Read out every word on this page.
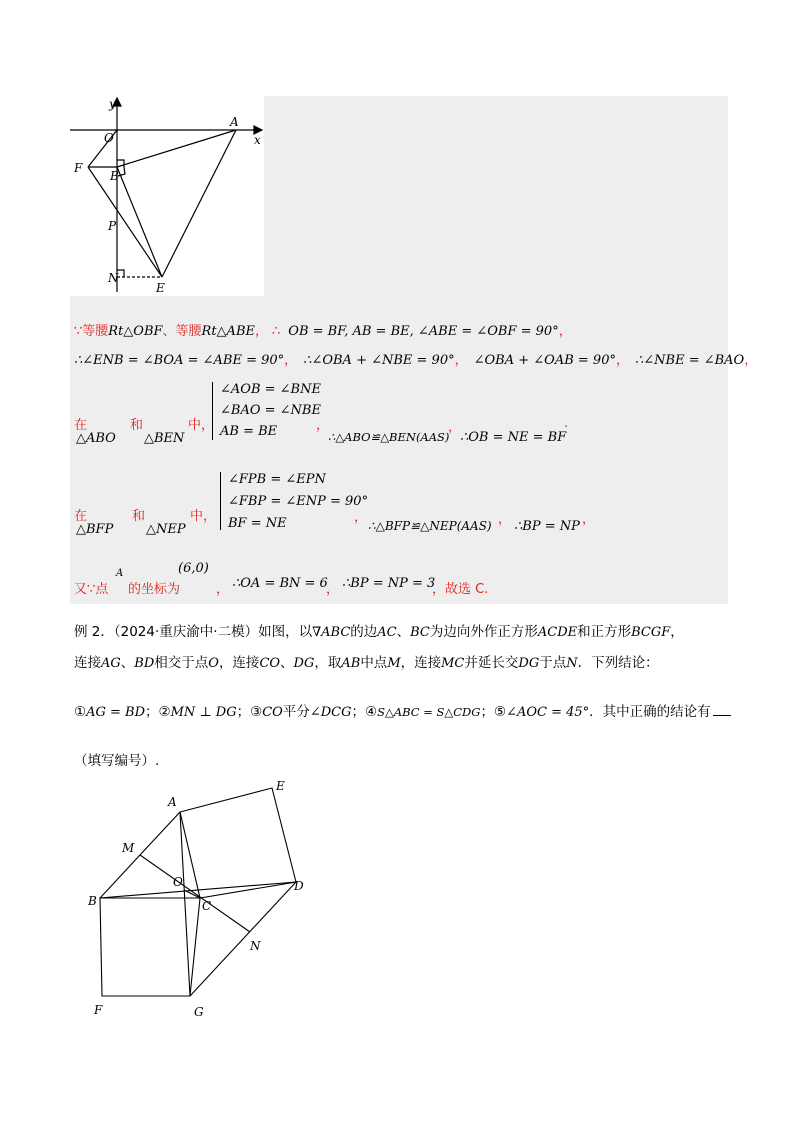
y
x
O
A
F
B
P
N
E
∵等腰Rt△OBF、等腰Rt△ABE， ∴ OB = BF, AB = BE, ∠ABE = ∠OBF = 90°，
∴∠ENB = ∠BOA = ∠ABE = 90°， ∴∠OBA + ∠NBE = 90°， ∠OBA + ∠OAB = 90°， ∴∠NBE = ∠BAO，
在
△ABO
和
△BEN
中，
∠AOB = ∠BNE
∠BAO = ∠NBE
AB = BE	，
∴△ABO≌△BEN(AAS)
，
∴OB = NE = BF
.
在
△BFP
和
△NEP
中，
∠FPB = ∠EPN
∠FBP = ∠ENP = 90°
BF = NE	，
∴△BFP≌△NEP(AAS) ， ∴BP = NP ，
又∵点
A
的坐标为
(6,0)
， ∴OA = BN = 6
， ∴BP = NP = 3
，故选 C.
例 2．（2024·重庆渝中·二模）如图，以∇ABC的边AC、BC为边向外作正方形ACDE和正方形BCGF，
连接AG、BD相交于点O，连接CO、DG，取AB中点M，连接MC并延长交DG于点N．下列结论：
①AG = BD；②MN ⊥ DG；③CO平分∠DCG；④S△ABC = S△CDG；⑤∠AOC = 45°．其中正确的结论有
（填写编号）.
A
E
M
O
C
D
B
N
F	G
